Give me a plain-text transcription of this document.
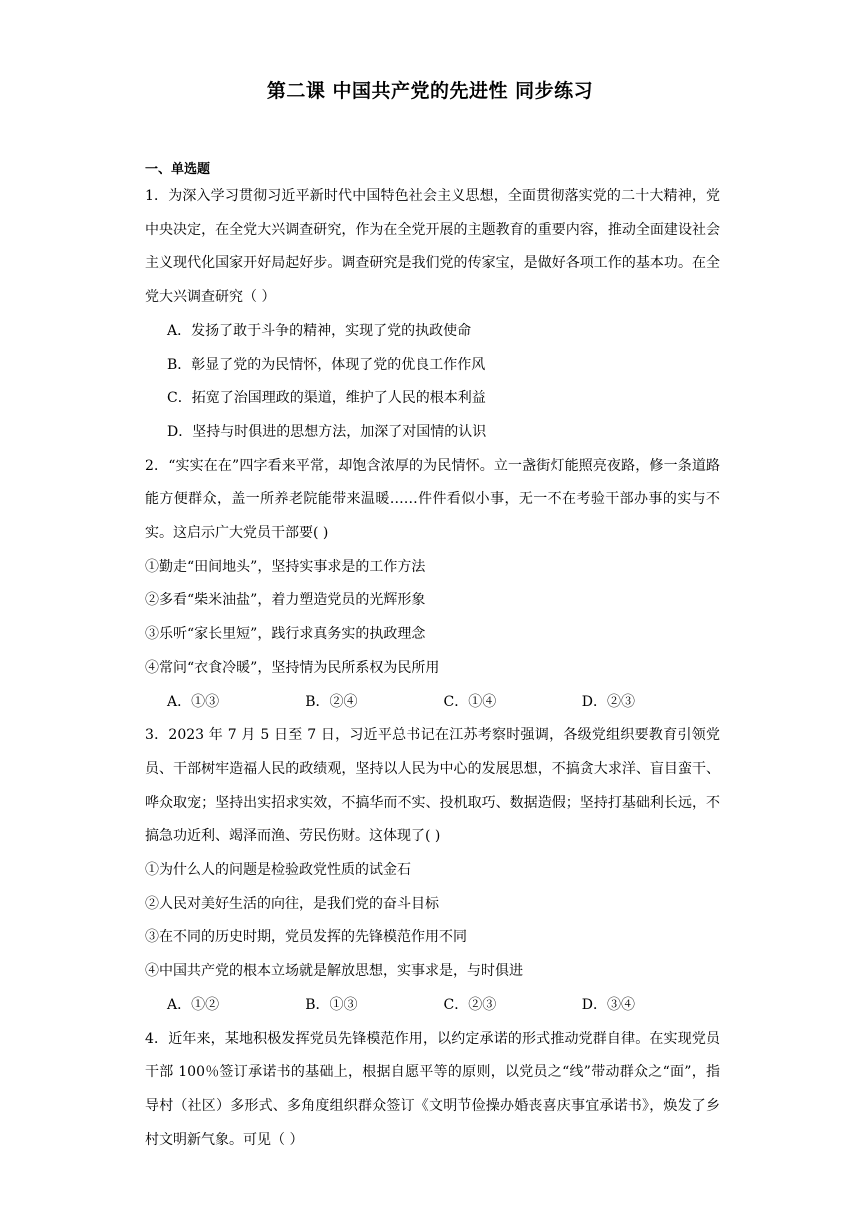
第二课 中国共产党的先进性 同步练习
一、单选题
1．为深入学习贯彻习近平新时代中国特色社会主义思想，全面贯彻落实党的二十大精神，党中央决定，在全党大兴调查研究，作为在全党开展的主题教育的重要内容，推动全面建设社会主义现代化国家开好局起好步。调查研究是我们党的传家宝，是做好各项工作的基本功。在全党大兴调查研究（ ）
A．发扬了敢于斗争的精神，实现了党的执政使命
B．彰显了党的为民情怀，体现了党的优良工作作风
C．拓宽了治国理政的渠道，维护了人民的根本利益
D．坚持与时俱进的思想方法，加深了对国情的认识
2．“实实在在”四字看来平常，却饱含浓厚的为民情怀。立一盏街灯能照亮夜路，修一条道路能方便群众，盖一所养老院能带来温暖……件件看似小事，无一不在考验干部办事的实与不实。这启示广大党员干部要( )
①勤走“田间地头”，坚持实事求是的工作方法
②多看“柴米油盐”，着力塑造党员的光辉形象
③乐听“家长里短”，践行求真务实的执政理念
④常问“衣食冷暖”，坚持情为民所系权为民所用
A．①③	B．②④	C．①④	D．②③
3．2023 年 7 月 5 日至 7 日，习近平总书记在江苏考察时强调，各级党组织要教育引领党员、干部树牢造福人民的政绩观，坚持以人民为中心的发展思想，不搞贪大求洋、盲目蛮干、哗众取宠；坚持出实招求实效，不搞华而不实、投机取巧、数据造假；坚持打基础利长远，不搞急功近利、竭泽而渔、劳民伤财。这体现了( )
①为什么人的问题是检验政党性质的试金石
②人民对美好生活的向往，是我们党的奋斗目标
③在不同的历史时期，党员发挥的先锋模范作用不同
④中国共产党的根本立场就是解放思想，实事求是，与时俱进
A．①②	B．①③	C．②③	D．③④
4．近年来，某地积极发挥党员先锋模范作用，以约定承诺的形式推动党群自律。在实现党员干部 100％签订承诺书的基础上，根据自愿平等的原则，以党员之“线”带动群众之“面”，指导村（社区）多形式、多角度组织群众签订《文明节俭操办婚丧喜庆事宜承诺书》，焕发了乡村文明新气象。可见（ ）
